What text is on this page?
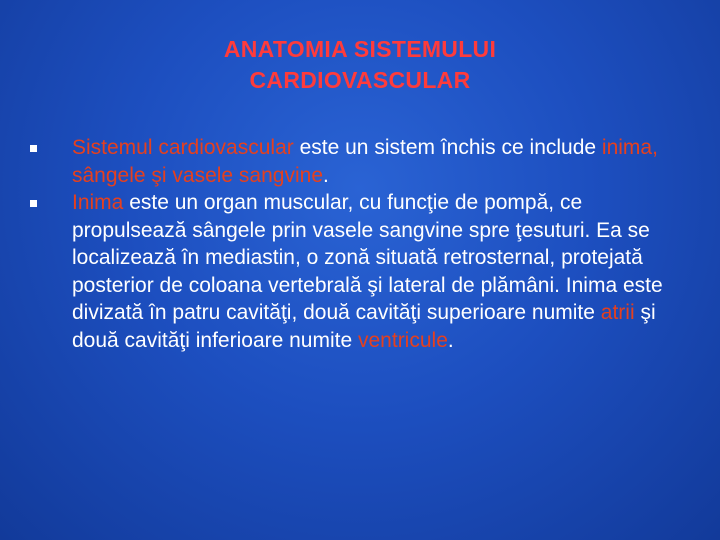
ANATOMIA SISTEMULUI
CARDIOVASCULAR
Sistemul cardiovascular este un sistem închis ce include inima, sângele şi vasele sangvine.
Inima este un organ muscular, cu funcţie de pompă, ce propulsează sângele prin vasele sangvine spre ţesuturi. Ea se localizează în mediastin, o zonă situată retrosternal, protejată posterior de coloana vertebrală şi lateral de plămâni. Inima este divizată în patru cavităţi, două cavităţi superioare numite atrii şi două cavităţi inferioare numite ventricule.
